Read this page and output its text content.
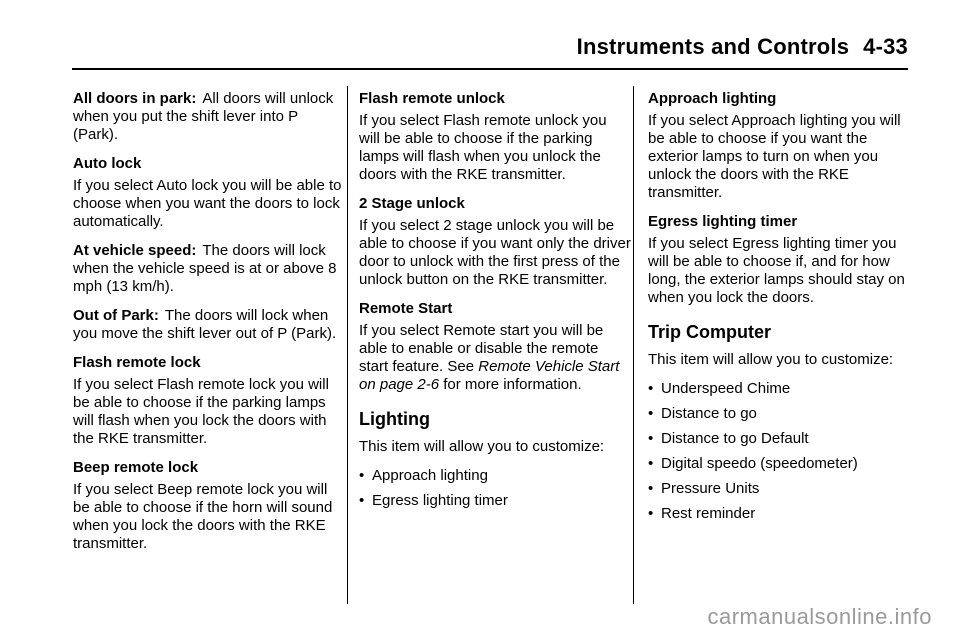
Instruments and Controls 4-33

All doors in park: All doors will unlock when you put the shift lever into P (Park).

Auto lock

If you select Auto lock you will be able to choose when you want the doors to lock automatically.

At vehicle speed: The doors will lock when the vehicle speed is at or above 8 mph (13 km/h).

Out of Park: The doors will lock when you move the shift lever out of P (Park).

Flash remote lock

If you select Flash remote lock you will be able to choose if the parking lamps will flash when you lock the doors with the RKE transmitter.

Beep remote lock

If you select Beep remote lock you will be able to choose if the horn will sound when you lock the doors with the RKE transmitter.

Flash remote unlock

If you select Flash remote unlock you will be able to choose if the parking lamps will flash when you unlock the doors with the RKE transmitter.

2 Stage unlock

If you select 2 stage unlock you will be able to choose if you want only the driver door to unlock with the first press of the unlock button on the RKE transmitter.

Remote Start

If you select Remote start you will be able to enable or disable the remote start feature. See Remote Vehicle Start on page 2-6 for more information.

Lighting

This item will allow you to customize:

• Approach lighting
• Egress lighting timer

Approach lighting

If you select Approach lighting you will be able to choose if you want the exterior lamps to turn on when you unlock the doors with the RKE transmitter.

Egress lighting timer

If you select Egress lighting timer you will be able to choose if, and for how long, the exterior lamps should stay on when you lock the doors.

Trip Computer

This item will allow you to customize:

• Underspeed Chime
• Distance to go
• Distance to go Default
• Digital speedo (speedometer)
• Pressure Units
• Rest reminder
carmanualsonline.info
